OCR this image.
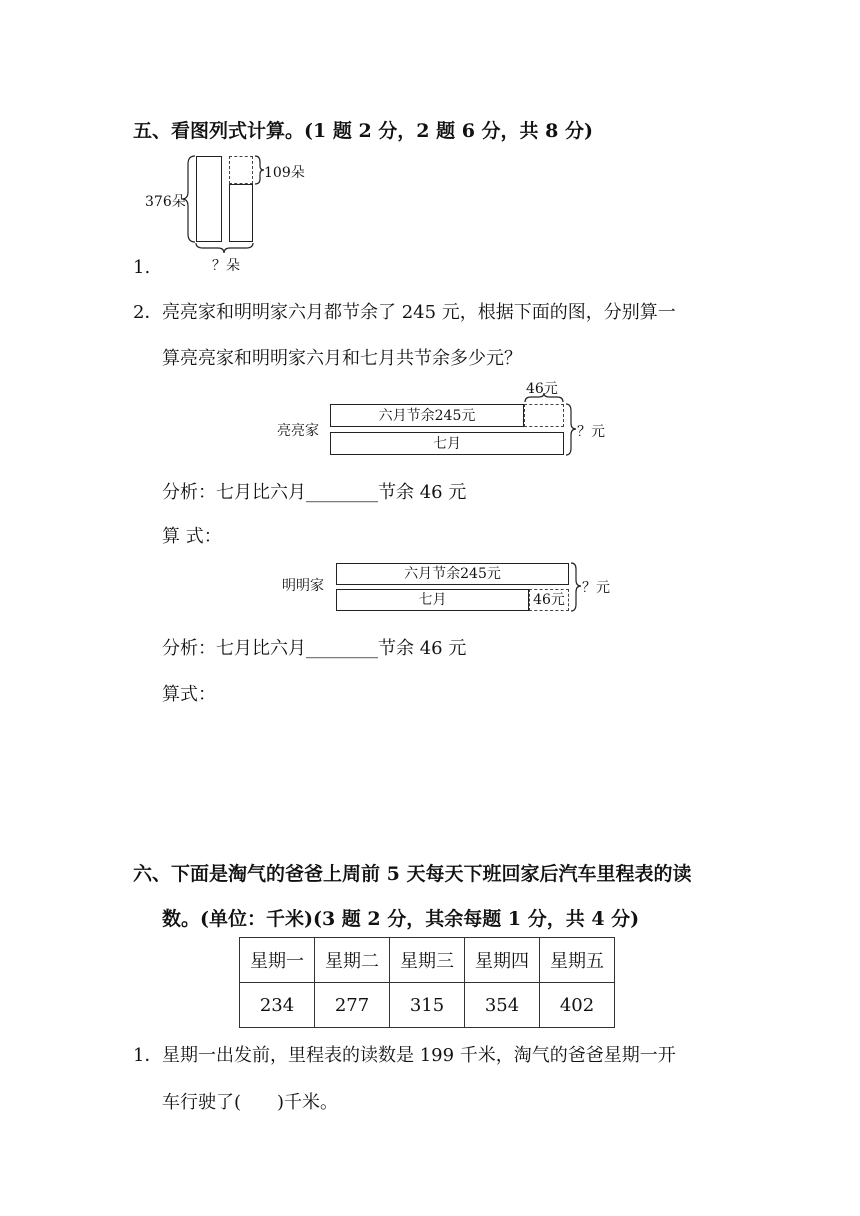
五、看图列式计算。(1 题 2 分，2 题 6 分，共 8 分)
376朵
109朵
？朵
1.
2． 亮亮家和明明家六月都节余了 245 元，根据下面的图，分别算一
算亮亮家和明明家六月和七月共节余多少元？
亮亮家
六月节余245元
七月
46元
？元
分析：七月比六月________节余 46 元
算 式：
明明家
六月节余245元
七月	46元
？元
分析：七月比六月________节余 46 元
算式：
六、下面是淘气的爸爸上周前 5 天每天下班回家后汽车里程表的读
数。(单位：千米)(3 题 2 分，其余每题 1 分，共 4 分)
星期一	星期二	星期三	星期四	星期五
234	277	315	354	402
1． 星期一出发前，里程表的读数是 199 千米，淘气的爸爸星期一开
车行驶了(　　)千米。
